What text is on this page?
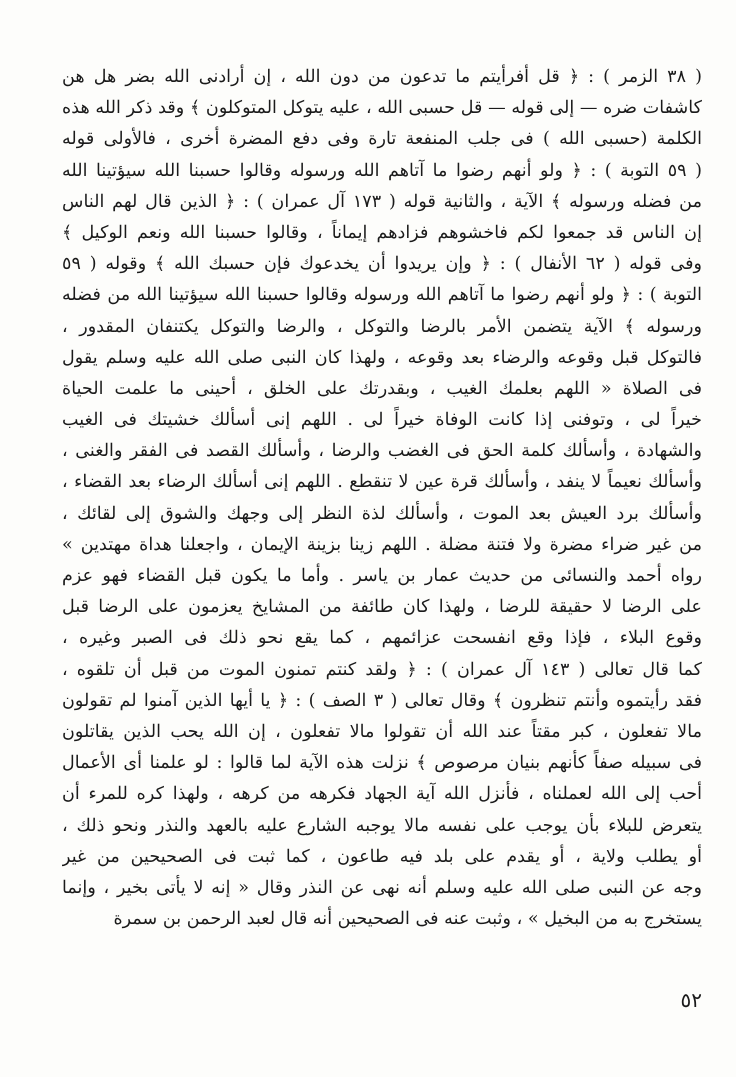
( ٣٨ الزمر ) : ﴿ قل أفرأيتم ما تدعون من دون الله ، إن أرادنى الله بضر هل هن
كاشفات ضره — إلى قوله — قل حسبى الله ، عليه يتوكل المتوكلون ﴾ وقد ذكر الله هذه
الكلمة (حسبى الله ) فى جلب المنفعة تارة وفى دفع المضرة أخرى ، فالأولى قوله
( ٥٩ التوبة ) : ﴿ ولو أنهم رضوا ما آتاهم الله ورسوله وقالوا حسبنا الله سيؤتينا الله
من فضله ورسوله ﴾ الآية ، والثانية قوله ( ١٧٣ آل عمران ) : ﴿ الذين قال لهم الناس
إن الناس قد جمعوا لكم فاخشوهم فزادهم إيماناً ، وقالوا حسبنا الله ونعم الوكيل ﴾
وفى قوله ( ٦٢ الأنفال ) : ﴿ وإن يريدوا أن يخدعوك فإن حسبك الله ﴾ وقوله ( ٥٩
التوبة ) : ﴿ ولو أنهم رضوا ما آتاهم الله ورسوله وقالوا حسبنا الله سيؤتينا الله من فضله
ورسوله ﴾ الآية يتضمن الأمر بالرضا والتوكل ، والرضا والتوكل يكتنفان المقدور ،
فالتوكل قبل وقوعه والرضاء بعد وقوعه ، ولهذا كان النبى صلى الله عليه وسلم يقول
فى الصلاة « اللهم بعلمك الغيب ، وبقدرتك على الخلق ، أحينى ما علمت الحياة
خيراً لى ، وتوفنى إذا كانت الوفاة خيراً لى . اللهم إنى أسألك خشيتك فى الغيب
والشهادة ، وأسألك كلمة الحق فى الغضب والرضا ، وأسألك القصد فى الفقر والغنى ،
وأسألك نعيماً لا ينفد ، وأسألك قرة عين لا تنقطع . اللهم إنى أسألك الرضاء بعد القضاء ،
وأسألك برد العيش بعد الموت ، وأسألك لذة النظر إلى وجهك والشوق إلى لقائك ،
من غير ضراء مضرة ولا فتنة مضلة . اللهم زينا بزينة الإيمان ، واجعلنا هداة مهتدين »
رواه أحمد والنسائى من حديث عمار بن ياسر . وأما ما يكون قبل القضاء فهو عزم
على الرضا لا حقيقة للرضا ، ولهذا كان طائفة من المشايخ يعزمون على الرضا قبل
وقوع البلاء ، فإذا وقع انفسحت عزائمهم ، كما يقع نحو ذلك فى الصبر وغيره ،
كما قال تعالى ( ١٤٣ آل عمران ) : ﴿ ولقد كنتم تمنون الموت من قبل أن تلقوه ،
فقد رأيتموه وأنتم تنظرون ﴾ وقال تعالى ( ٣ الصف ) : ﴿ يا أيها الذين آمنوا لم تقولون
مالا تفعلون ، كبر مقتاً عند الله أن تقولوا مالا تفعلون ، إن الله يحب الذين يقاتلون
فى سبيله صفاً كأنهم بنيان مرصوص ﴾ نزلت هذه الآية لما قالوا : لو علمنا أى الأعمال
أحب إلى الله لعملناه ، فأنزل الله آية الجهاد فكرهه من كرهه ، ولهذا كره للمرء أن
يتعرض للبلاء بأن يوجب على نفسه مالا يوجبه الشارع عليه بالعهد والنذر ونحو ذلك ،
أو يطلب ولاية ، أو يقدم على بلد فيه طاعون ، كما ثبت فى الصحيحين من غير
وجه عن النبى صلى الله عليه وسلم أنه نهى عن النذر وقال « إنه لا يأتى بخير ، وإنما
يستخرج به من البخيل » ، وثبت عنه فى الصحيحين أنه قال لعبد الرحمن بن سمرة
٥٢
